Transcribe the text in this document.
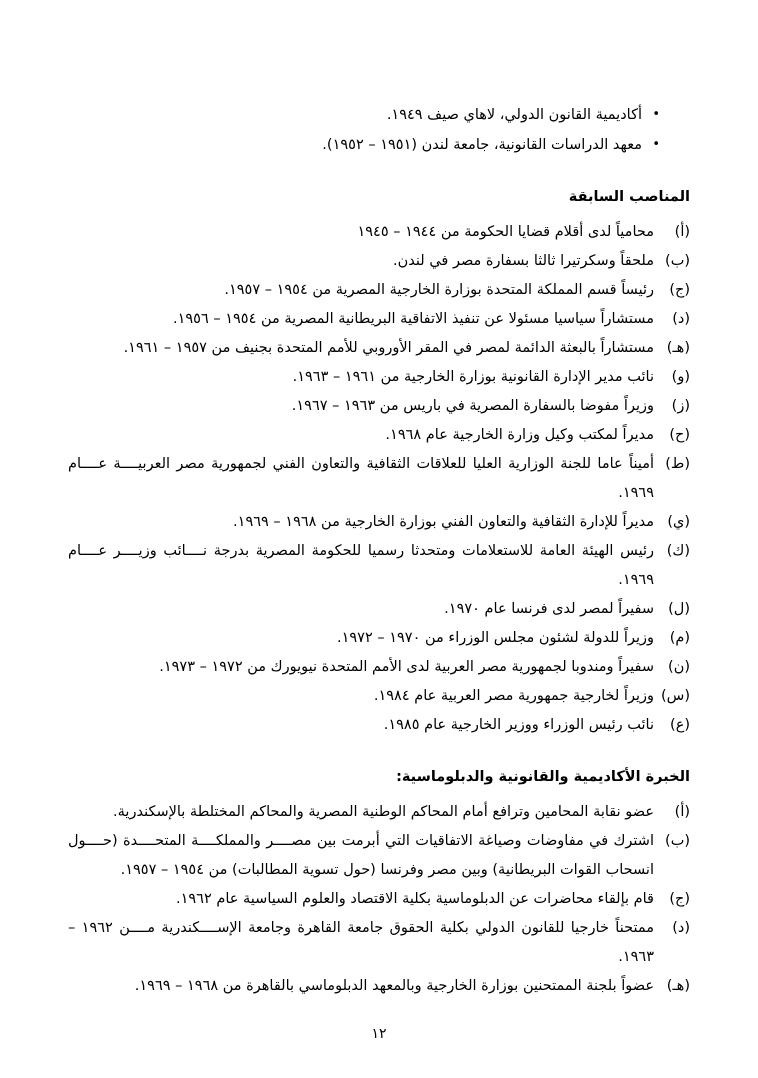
•
أكاديمية القانون الدولي، لاهاي صيف ١٩٤٩.
•
معهد الدراسات القانونية، جامعة لندن (١٩٥١ – ١٩٥٢).
المناصب السابقة
(أ)
محامياً لدى أقلام قضايا الحكومة من ١٩٤٤ – ١٩٤٥
(ب)
ملحقاً وسكرتيرا ثالثا بسفارة مصر في لندن.
(ج)
رئيساً قسم المملكة المتحدة بوزارة الخارجية المصرية من ١٩٥٤ – ١٩٥٧.
(د)
مستشاراً سياسيا مسئولا عن تنفيذ الاتفاقية البريطانية المصرية من ١٩٥٤ – ١٩٥٦.
(هـ)
مستشاراً بالبعثة الدائمة لمصر في المقر الأوروبي للأمم المتحدة بجنيف من ١٩٥٧ – ١٩٦١.
(و)
نائب مدير الإدارة القانونية بوزارة الخارجية من ١٩٦١ – ١٩٦٣.
(ز)
وزيراً مفوضا بالسفارة المصرية في باريس من ١٩٦٣ – ١٩٦٧.
(ح)
مديراً لمكتب وكيل وزارة الخارجية عام ١٩٦٨.
(ط)
أميناً عاما للجنة الوزارية العليا للعلاقات الثقافية والتعاون الفني لجمهورية مصر العربيــــة عــــام ١٩٦٩.
(ي)
مديراً للإدارة الثقافية والتعاون الفني بوزارة الخارجية من ١٩٦٨ – ١٩٦٩.
(ك)
رئيس الهيئة العامة للاستعلامات ومتحدثا رسميا للحكومة المصرية بدرجة نــــائب وزيــــر عــــام ١٩٦٩.
(ل)
سفيراً لمصر لدى فرنسا عام ١٩٧٠.
(م)
وزيراً للدولة لشئون مجلس الوزراء من ١٩٧٠ – ١٩٧٢.
(ن)
سفيراً ومندوبا لجمهورية مصر العربية لدى الأمم المتحدة نيويورك من ١٩٧٢ – ١٩٧٣.
(س)
وزيراً لخارجية جمهورية مصر العربية عام ١٩٨٤.
(ع)
نائب رئيس الوزراء ووزير الخارجية عام ١٩٨٥.
الخبرة الأكاديمية والقانونية والدبلوماسية:
(أ)
عضو نقابة المحامين وترافع أمام المحاكم الوطنية المصرية والمحاكم المختلطة بالإسكندرية.
(ب)
اشترك في مفاوضات وصياغة الاتفاقيات التي أبرمت بين مصــــر والمملكــــة المتحــــدة (حــــول انسحاب القوات البريطانية) وبين مصر وفرنسا (حول تسوية المطالبات) من ١٩٥٤ – ١٩٥٧.
(ج)
قام بإلقاء محاضرات عن الدبلوماسية بكلية الاقتصاد والعلوم السياسية عام ١٩٦٢.
(د)
ممتحناً خارجيا للقانون الدولي بكلية الحقوق جامعة القاهرة وجامعة الإســــكندرية مــــن ١٩٦٢ – ١٩٦٣.
(هـ)
عضواً بلجنة الممتحنين بوزارة الخارجية وبالمعهد الدبلوماسي بالقاهرة من ١٩٦٨ – ١٩٦٩.
١٢
